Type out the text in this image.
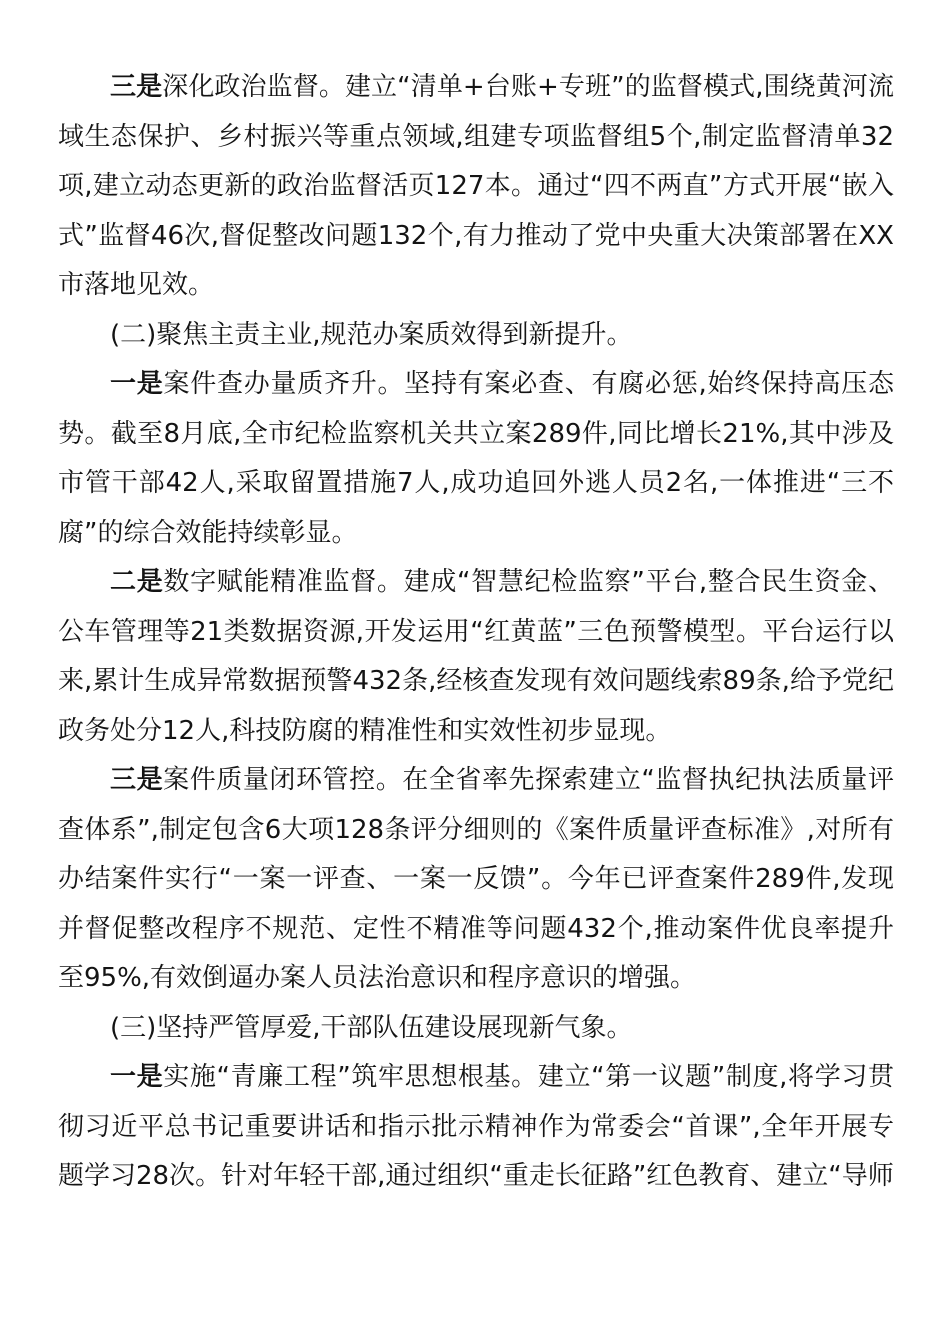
三是深化政治监督。建立“清单+台账+专班”的监督模式,围绕黄河流域生态保护、乡村振兴等重点领域,组建专项监督组5个,制定监督清单32项,建立动态更新的政治监督活页127本。通过“四不两直”方式开展“嵌入式”监督46次,督促整改问题132个,有力推动了党中央重大决策部署在XX市落地见效。

(二)聚焦主责主业,规范办案质效得到新提升。

一是案件查办量质齐升。坚持有案必查、有腐必惩,始终保持高压态势。截至8月底,全市纪检监察机关共立案289件,同比增长21%,其中涉及市管干部42人,采取留置措施7人,成功追回外逃人员2名,一体推进“三不腐”的综合效能持续彰显。

二是数字赋能精准监督。建成“智慧纪检监察”平台,整合民生资金、公车管理等21类数据资源,开发运用“红黄蓝”三色预警模型。平台运行以来,累计生成异常数据预警432条,经核查发现有效问题线索89条,给予党纪政务处分12人,科技防腐的精准性和实效性初步显现。

三是案件质量闭环管控。在全省率先探索建立“监督执纪执法质量评查体系”,制定包含6大项128条评分细则的《案件质量评查标准》,对所有办结案件实行“一案一评查、一案一反馈”。今年已评查案件289件,发现并督促整改程序不规范、定性不精准等问题432个,推动案件优良率提升至95%,有效倒逼办案人员法治意识和程序意识的增强。

(三)坚持严管厚爱,干部队伍建设展现新气象。

一是实施“青廉工程”筑牢思想根基。建立“第一议题”制度,将学习贯彻习近平总书记重要讲话和指示批示精神作为常委会“首课”,全年开展专题学习28次。针对年轻干部,通过组织“重走长征路”红色教育、建立“导师
